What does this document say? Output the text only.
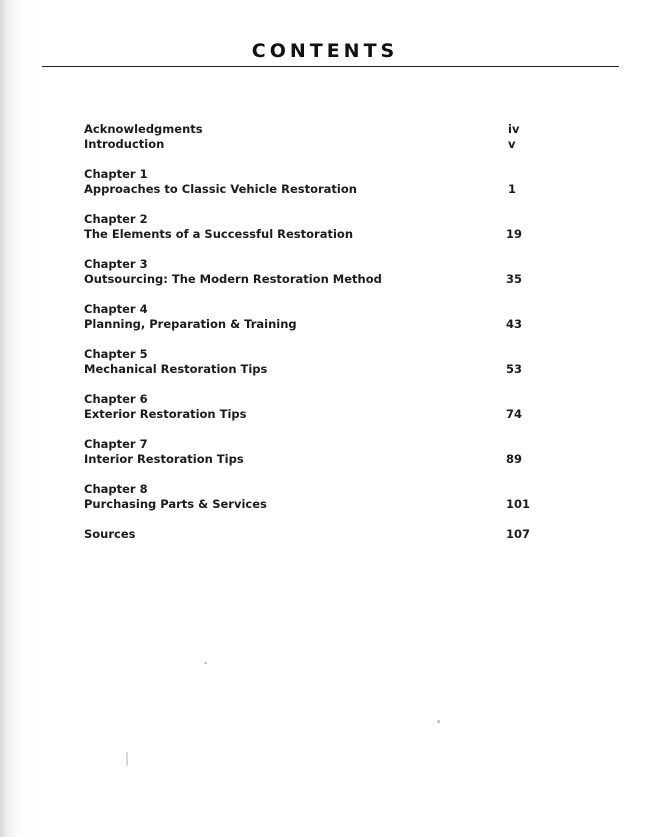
CONTENTS
Acknowledgments	iv
Introduction	v
Chapter 1
Approaches to Classic Vehicle Restoration	1
Chapter 2
The Elements of a Successful Restoration	19
Chapter 3
Outsourcing: The Modern Restoration Method	35
Chapter 4
Planning, Preparation & Training	43
Chapter 5
Mechanical Restoration Tips	53
Chapter 6
Exterior Restoration Tips	74
Chapter 7
Interior Restoration Tips	89
Chapter 8
Purchasing Parts & Services	101
Sources	107
